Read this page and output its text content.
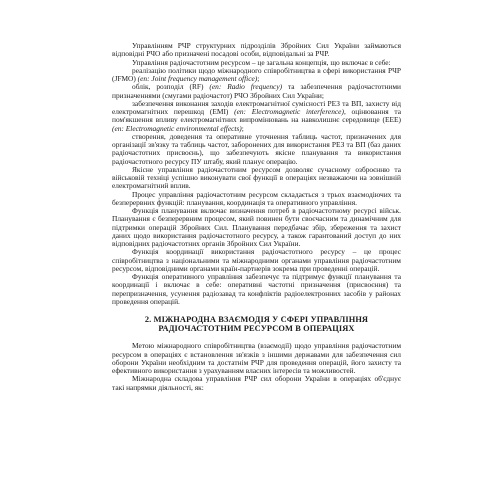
Управлінням РЧР структурних підрозділів Збройних Сил України займаються відповідні РЧО або призначені посадові особи, відповідальні за РЧР.

Управління радіочастотним ресурсом – це загальна концепція, що включає в себе:

реалізацію політики щодо міжнародного співробітництва в сфері використання РЧР (JFMO) (en: Joint frequency management office);

облік, розподіл (RF) (en: Radio frequency) та забезпечення радіочастотними призначеннями (смугами радіочастот) РЧО Збройних Сил України;

забезпечення виконання заходів електромагнітної сумісності РЕЗ та ВП, захисту від електромагнітних перешкод (EMI) (en: Electromagnetic interference), оцінювання та пом'якшення впливу електромагнітних випромінювань на навколишнє середовище (EEE) (en: Electromagnetic environmental effects);

створення, доведення та оперативне уточнення таблиць частот, призначених для організації зв'язку та таблиць частот, заборонених для використання РЕЗ та ВП (баз даних радіочастотних присвоєнь), що забезпечують якісне планування та використання радіочастотного ресурсу ПУ штабу, який планує операцію.

Якісне управління радіочастотним ресурсом дозволяє сучасному озброєнню та військовій техніці успішно виконувати свої функції в операціях незважаючи на зовнішній електромагнітний вплив.

Процес управління радіочастотним ресурсом складається з трьох взаємодіючих та безперервних функцій: планування, координація та оперативного управління.

Функція планування включає визначення потреб в радіочастотному ресурсі військ. Планування є безперервним процесом, який повинен бути своєчасним та динамічним для підтримки операцій Збройних Сил. Планування передбачає збір, збереження та захист даних щодо використання радіочастотного ресурсу, а також гарантований доступ до них відповідних радіочастотних органів Збройних Сил України.

Функція координації використання радіочастотного ресурсу – це процес співробітництва з національними та міжнародними органами управління радіочастотним ресурсом, відповідними органами країн-партнерів зокрема при проведенні операцій.

Функція оперативного управління забезпечує та підтримує функції планування та координації і включає в себе: оперативні частотні призначення (присвоєння) та перепризначення, усунення радіозавад та конфліктів радіоелектронних засобів у районах проведення операцій.

2. МІЖНАРОДНА ВЗАЄМОДІЯ У СФЕРІ УПРАВЛІННЯ
РАДІОЧАСТОТНИМ РЕСУРСОМ В ОПЕРАЦІЯХ

Метою міжнародного співробітництва (взаємодії) щодо управління радіочастотним ресурсом в операціях є встановлення зв'язків з іншими державами для забезпечення сил оборони України необхідним та достатнім РЧР для проведення операцій, його захисту та ефективного використання з урахуванням власних інтересів та можливостей.

Міжнародна складова управління РЧР сил оборони України в операціях об'єднує такі напрямки діяльності, як:
